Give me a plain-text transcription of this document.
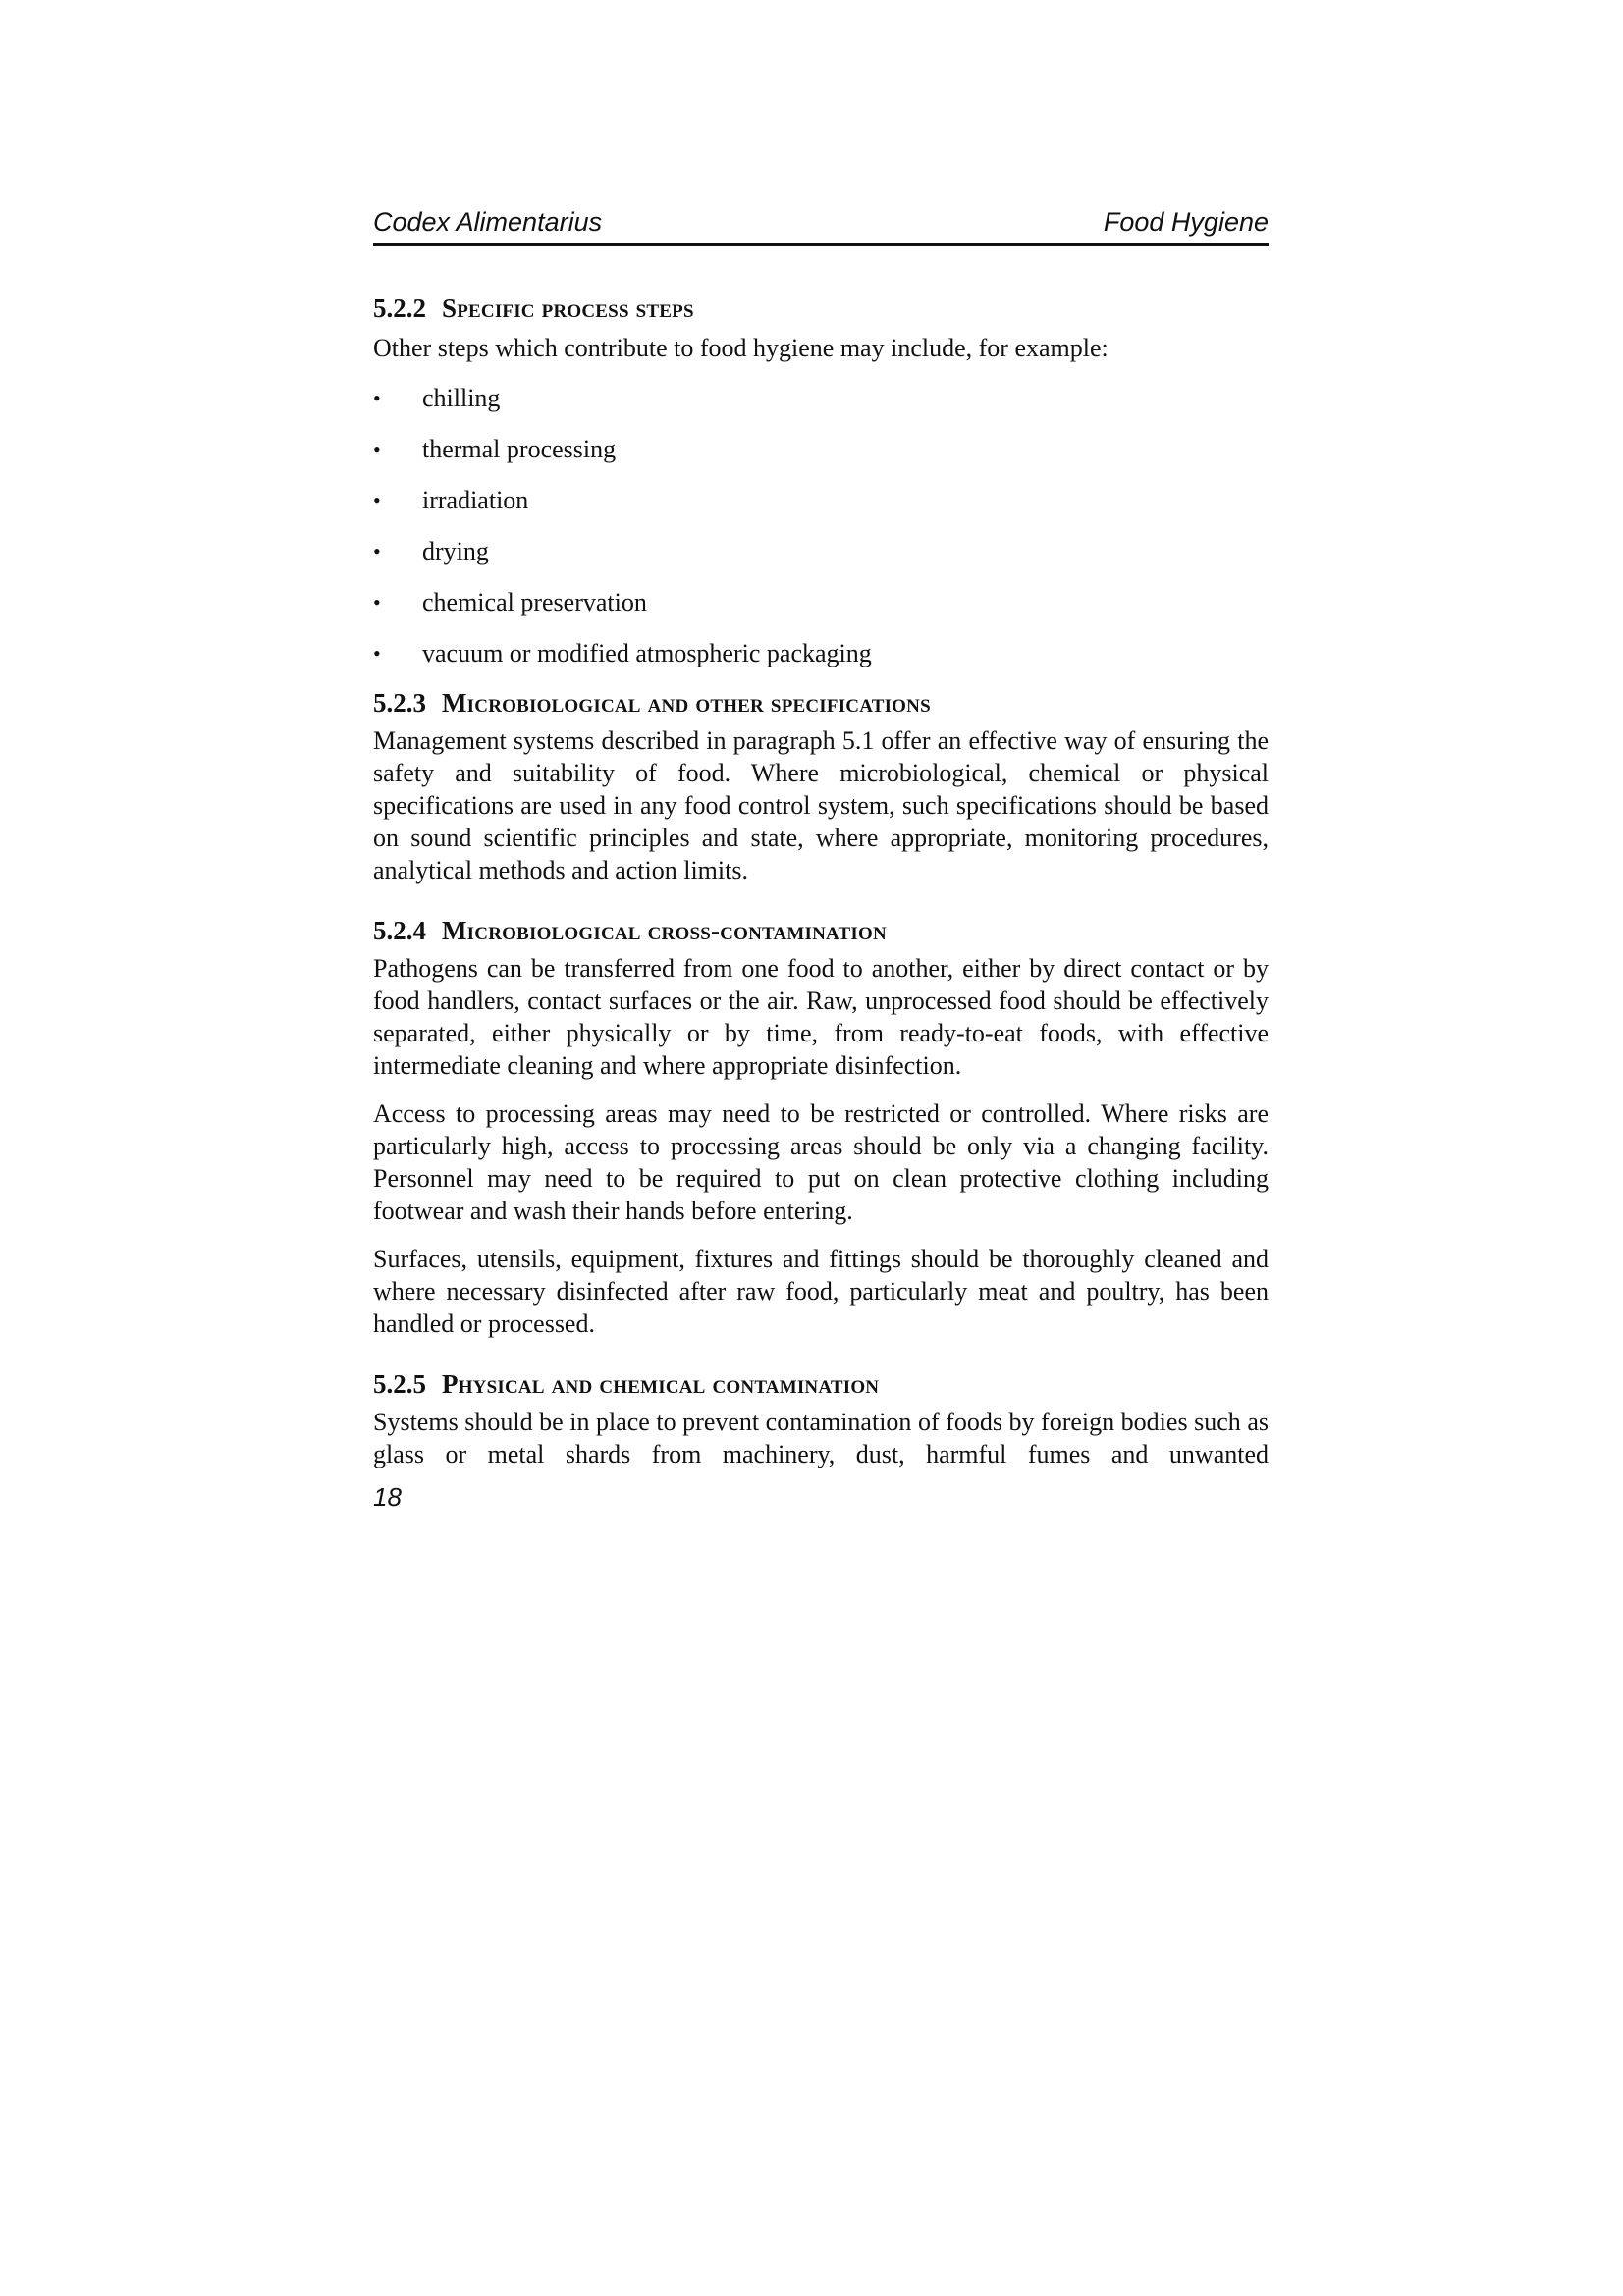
Codex Alimentarius	Food Hygiene
5.2.2 Specific process steps

Other steps which contribute to food hygiene may include, for example:

•	chilling
•	thermal processing
•	irradiation
•	drying
•	chemical preservation
•	vacuum or modified atmospheric packaging
5.2.3 Microbiological and other specifications

Management systems described in paragraph 5.1 offer an effective way of ensuring the safety and suitability of food. Where microbiological, chemical or physical specifications are used in any food control system, such specifications should be based on sound scientific principles and state, where appropriate, monitoring procedures, analytical methods and action limits.

5.2.4 Microbiological cross-contamination

Pathogens can be transferred from one food to another, either by direct contact or by food handlers, contact surfaces or the air. Raw, unprocessed food should be effectively separated, either physically or by time, from ready-to-eat foods, with effective intermediate cleaning and where appropriate disinfection.

Access to processing areas may need to be restricted or controlled. Where risks are particularly high, access to processing areas should be only via a changing facility. Personnel may need to be required to put on clean protective clothing including footwear and wash their hands before entering.

Surfaces, utensils, equipment, fixtures and fittings should be thoroughly cleaned and where necessary disinfected after raw food, particularly meat and poultry, has been handled or processed.

5.2.5 Physical and chemical contamination

Systems should be in place to prevent contamination of foods by foreign bodies such as glass or metal shards from machinery, dust, harmful fumes and unwanted

18
